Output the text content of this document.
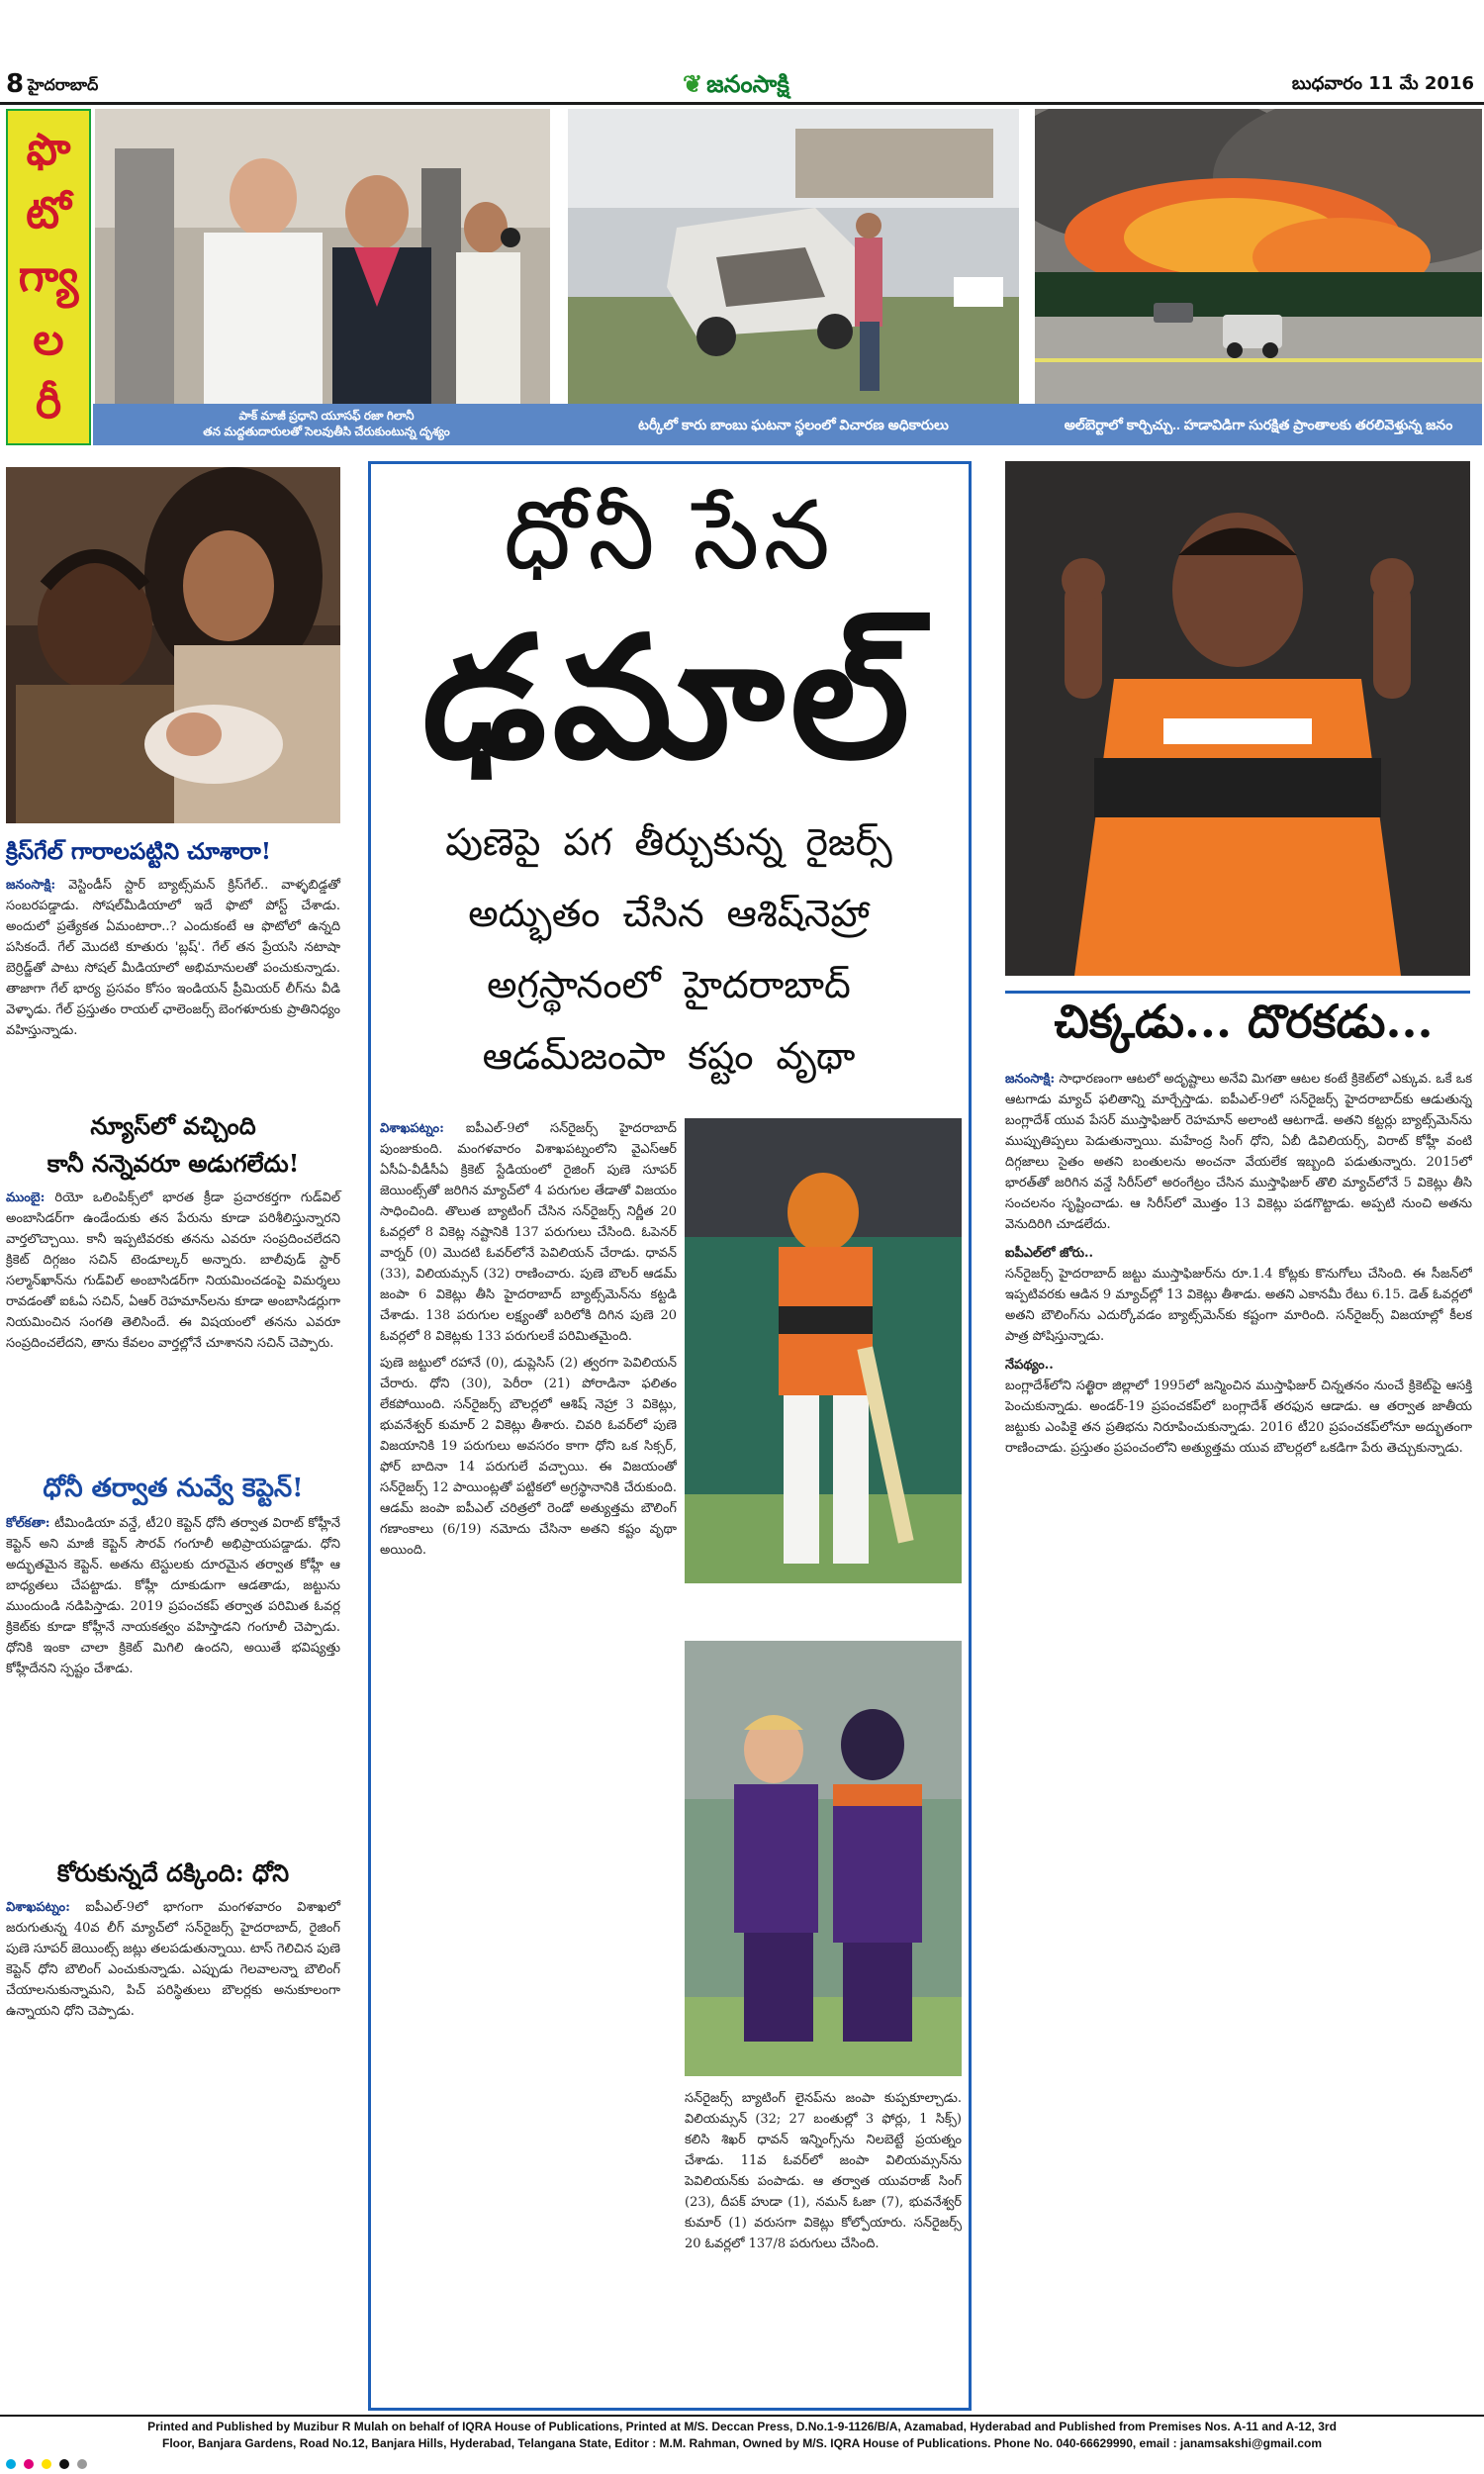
8 హైదరాబాద్	❦ జనంసాక్షి	బుధవారం 11 మే 2016
ఫొ
టో
గ్యా
ల
రీ	పాక్ మాజీ ప్రధాని యూసఫ్ రజా గిలానీ
తన మద్దతుదారులతో సెలవుతీసి చేరుకుంటున్న దృశ్యం	టర్కీలో కారు బాంబు ఘటనా స్థలంలో విచారణ అధికారులు	అల్‌బెర్టాలో కార్చిచ్చు.. హడావిడిగా సురక్షిత ప్రాంతాలకు తరలివెళ్తున్న జనం
క్రిస్‌గేల్ గారాలపట్టిని చూశారా!

జనంసాక్షి: వెస్టిండీస్ స్టార్ బ్యాట్స్‌మన్ క్రిస్‌గేల్.. వాళ్ళబిడ్డతో సంబరపడ్డాడు. సోషల్‌మీడియాలో ఇదే ఫొటో పోస్ట్ చేశాడు. అందులో ప్రత్యేకత ఏమంటారా..? ఎందుకంటే ఆ ఫొటోలో ఉన్నది పసికందే. గేల్ మొదటి కూతురు 'బ్లష్'. గేల్ తన ప్రేయసి నటాషా బెర్రిడ్జ్‌తో పాటు సోషల్ మీడియాలో అభిమానులతో పంచుకున్నాడు. తాజాగా గేల్ భార్య ప్రసవం కోసం ఇండియన్ ప్రీమియర్ లీగ్‌ను వీడి వెళ్ళాడు. గేల్ ప్రస్తుతం రాయల్ ఛాలెంజర్స్ బెంగళూరుకు ప్రాతినిధ్యం వహిస్తున్నాడు.

న్యూస్‌లో వచ్చింది
కానీ నన్నెవరూ అడుగలేదు!

ముంబై: రియో ఒలింపిక్స్‌లో భారత క్రీడా ప్రచారకర్తగా గుడ్‌విల్ అంబాసిడర్‌గా ఉండేందుకు తన పేరును కూడా పరిశీలిస్తున్నారని వార్తలొచ్చాయి. కానీ ఇప్పటివరకు తనను ఎవరూ సంప్రదించలేదని క్రికెట్ దిగ్గజం సచిన్ టెండూల్కర్ అన్నారు. బాలీవుడ్ స్టార్ సల్మాన్‌ఖాన్‌ను గుడ్‌విల్ అంబాసిడర్‌గా నియమించడంపై విమర్శలు రావడంతో ఐఓఏ సచిన్, ఏఆర్ రెహమాన్‌లను కూడా అంబాసిడర్లుగా నియమించిన సంగతి తెలిసిందే. ఈ విషయంలో తనను ఎవరూ సంప్రదించలేదని, తాను కేవలం వార్తల్లోనే చూశానని సచిన్ చెప్పారు.

ధోనీ తర్వాత నువ్వే కెప్టెన్!

కోల్‌కతా: టీమిండియా వన్డే, టీ20 కెప్టెన్ ధోనీ తర్వాత విరాట్ కోహ్లీనే కెప్టెన్ అని మాజీ కెప్టెన్ సౌరవ్ గంగూలీ అభిప్రాయపడ్డాడు. ధోని అద్భుతమైన కెప్టెన్. అతను టెస్టులకు దూరమైన తర్వాత కోహ్లీ ఆ బాధ్యతలు చేపట్టాడు. కోహ్లీ దూకుడుగా ఆడతాడు, జట్టును ముందుండి నడిపిస్తాడు. 2019 ప్రపంచకప్ తర్వాత పరిమిత ఓవర్ల క్రికెట్‌కు కూడా కోహ్లీనే నాయకత్వం వహిస్తాడని గంగూలీ చెప్పాడు. ధోనికి ఇంకా చాలా క్రికెట్ మిగిలి ఉందని, అయితే భవిష్యత్తు కోహ్లీదేనని స్పష్టం చేశాడు.

కోరుకున్నదే దక్కింది: ధోని

విశాఖపట్నం: ఐపీఎల్-9లో భాగంగా మంగళవారం విశాఖలో జరుగుతున్న 40వ లీగ్ మ్యాచ్‌లో సన్‌రైజర్స్ హైదరాబాద్, రైజింగ్ పుణె సూపర్ జెయింట్స్ జట్లు తలపడుతున్నాయి. టాస్ గెలిచిన పుణె కెప్టెన్ ధోని బౌలింగ్ ఎంచుకున్నాడు. ఎప్పుడు గెలవాలన్నా బౌలింగ్ చేయాలనుకున్నామని, పిచ్ పరిస్థితులు బౌలర్లకు అనుకూలంగా ఉన్నాయని ధోని చెప్పాడు.

ధోనీ సేన
ఢమాల్
పుణెపై పగ తీర్చుకున్న రైజర్స్
అద్భుతం చేసిన ఆశిష్‌నెహ్రా
అగ్రస్థానంలో హైదరాబాద్
ఆడమ్‌జంపా కష్టం వృథా

విశాఖపట్నం: ఐపీఎల్-9లో సన్‌రైజర్స్ హైదరాబాద్ పుంజుకుంది. మంగళవారం విశాఖపట్నంలోని వైఎస్ఆర్ ఏసీఏ-వీడీసీఏ క్రికెట్ స్టేడియంలో రైజింగ్ పుణె సూపర్ జెయింట్స్‌తో జరిగిన మ్యాచ్‌లో 4 పరుగుల తేడాతో విజయం సాధించింది. తొలుత బ్యాటింగ్ చేసిన సన్‌రైజర్స్ నిర్ణీత 20 ఓవర్లలో 8 వికెట్ల నష్టానికి 137 పరుగులు చేసింది. ఓపెనర్ వార్నర్ (0) మొదటి ఓవర్‌లోనే పెవిలియన్ చేరాడు. ధావన్ (33), విలియమ్సన్ (32) రాణించారు. పుణె బౌలర్ ఆడమ్ జంపా 6 వికెట్లు తీసి హైదరాబాద్ బ్యాట్స్‌మెన్‌ను కట్టడి చేశాడు. 138 పరుగుల లక్ష్యంతో బరిలోకి దిగిన పుణె 20 ఓవర్లలో 8 వికెట్లకు 133 పరుగులకే పరిమితమైంది.

పుణె జట్టులో రహానే (0), డుప్లెసిస్ (2) త్వరగా పెవిలియన్ చేరారు. ధోని (30), పెరీరా (21) పోరాడినా ఫలితం లేకపోయింది. సన్‌రైజర్స్ బౌలర్లలో ఆశిష్ నెహ్రా 3 వికెట్లు, భువనేశ్వర్ కుమార్ 2 వికెట్లు తీశారు. చివరి ఓవర్‌లో పుణె విజయానికి 19 పరుగులు అవసరం కాగా ధోని ఒక సిక్సర్, ఫోర్ బాదినా 14 పరుగులే వచ్చాయి. ఈ విజయంతో సన్‌రైజర్స్ 12 పాయింట్లతో పట్టికలో అగ్రస్థానానికి చేరుకుంది. ఆడమ్ జంపా ఐపీఎల్ చరిత్రలో రెండో అత్యుత్తమ బౌలింగ్ గణాంకాలు (6/19) నమోదు చేసినా అతని కష్టం వృథా అయింది.

సన్‌రైజర్స్ బ్యాటింగ్ లైనప్‌ను జంపా కుప్పకూల్చాడు. విలియమ్సన్ (32; 27 బంతుల్లో 3 ఫోర్లు, 1 సిక్స్) కలిసి శిఖర్ ధావన్ ఇన్నింగ్స్‌ను నిలబెట్టే ప్రయత్నం చేశాడు. 11వ ఓవర్‌లో జంపా విలియమ్సన్‌ను పెవిలియన్‌కు పంపాడు. ఆ తర్వాత యువరాజ్ సింగ్ (23), దీపక్ హుడా (1), నమన్ ఓజా (7), భువనేశ్వర్ కుమార్ (1) వరుసగా వికెట్లు కోల్పోయారు. సన్‌రైజర్స్ 20 ఓవర్లలో 137/8 పరుగులు చేసింది.

చిక్కడు... దొరకడు...

జనంసాక్షి: సాధారణంగా ఆటలో అదృష్టాలు అనేవి మిగతా ఆటల కంటే క్రికెట్‌లో ఎక్కువ. ఒకే ఒక ఆటగాడు మ్యాచ్ ఫలితాన్ని మార్చేస్తాడు. ఐపీఎల్-9లో సన్‌రైజర్స్ హైదరాబాద్‌కు ఆడుతున్న బంగ్లాదేశ్ యువ పేసర్ ముస్తాఫిజుర్ రెహమాన్ అలాంటి ఆటగాడే. అతని కట్టర్లు బ్యాట్స్‌మెన్‌ను ముప్పుతిప్పలు పెడుతున్నాయి. మహేంద్ర సింగ్ ధోని, ఏబీ డివిలియర్స్, విరాట్ కోహ్లీ వంటి దిగ్గజాలు సైతం అతని బంతులను అంచనా వేయలేక ఇబ్బంది పడుతున్నారు. 2015లో భారత్‌తో జరిగిన వన్డే సిరీస్‌లో అరంగేట్రం చేసిన ముస్తాఫిజుర్ తొలి మ్యాచ్‌లోనే 5 వికెట్లు తీసి సంచలనం సృష్టించాడు. ఆ సిరీస్‌లో మొత్తం 13 వికెట్లు పడగొట్టాడు. అప్పటి నుంచి అతను వెనుదిరిగి చూడలేదు.

ఐపీఎల్‌లో జోరు..

సన్‌రైజర్స్ హైదరాబాద్ జట్టు ముస్తాఫిజుర్‌ను రూ.1.4 కోట్లకు కొనుగోలు చేసింది. ఈ సీజన్‌లో ఇప్పటివరకు ఆడిన 9 మ్యాచ్‌ల్లో 13 వికెట్లు తీశాడు. అతని ఎకానమీ రేటు 6.15. డెత్ ఓవర్లలో అతని బౌలింగ్‌ను ఎదుర్కోవడం బ్యాట్స్‌మెన్‌కు కష్టంగా మారింది. సన్‌రైజర్స్ విజయాల్లో కీలక పాత్ర పోషిస్తున్నాడు.

నేపథ్యం..

బంగ్లాదేశ్‌లోని సత్ఖిరా జిల్లాలో 1995లో జన్మించిన ముస్తాఫిజుర్ చిన్నతనం నుంచే క్రికెట్‌పై ఆసక్తి పెంచుకున్నాడు. అండర్-19 ప్రపంచకప్‌లో బంగ్లాదేశ్ తరఫున ఆడాడు. ఆ తర్వాత జాతీయ జట్టుకు ఎంపికై తన ప్రతిభను నిరూపించుకున్నాడు. 2016 టీ20 ప్రపంచకప్‌లోనూ అద్భుతంగా రాణించాడు. ప్రస్తుతం ప్రపంచంలోని అత్యుత్తమ యువ బౌలర్లలో ఒకడిగా పేరు తెచ్చుకున్నాడు.

Printed and Published by Muzibur R Mulah on behalf of IQRA House of Publications, Printed at M/S. Deccan Press, D.No.1-9-1126/B/A, Azamabad, Hyderabad and Published from Premises Nos. A-11 and A-12, 3rd
Floor, Banjara Gardens, Road No.12, Banjara Hills, Hyderabad, Telangana State, Editor : M.M. Rahman, Owned by M/S. IQRA House of Publications. Phone No. 040-66629990, email : janamsakshi@gmail.com
